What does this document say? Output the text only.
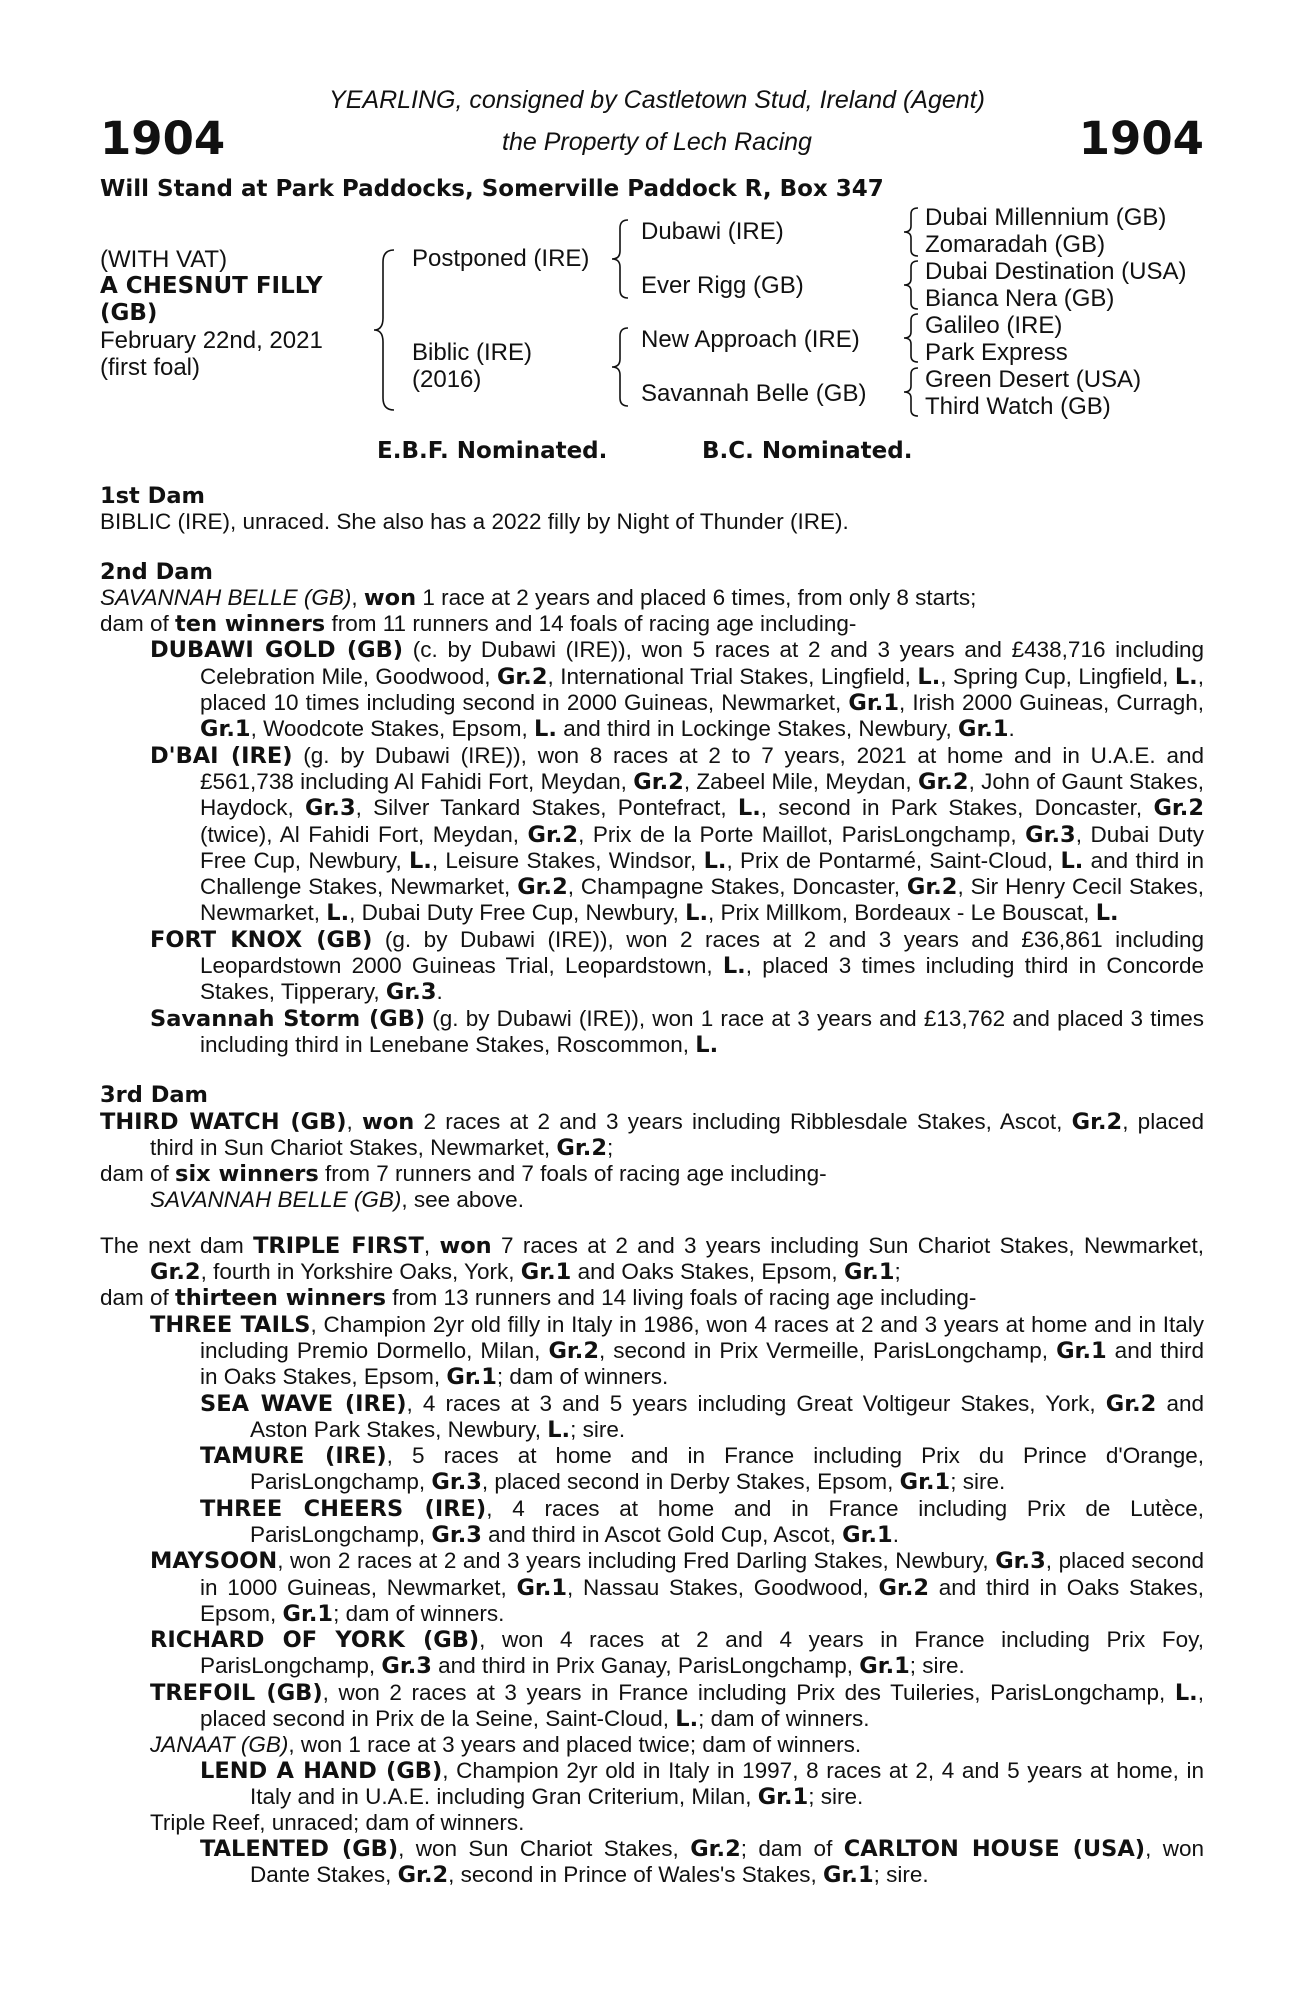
1904	1904
YEARLING, consigned by Castletown Stud, Ireland (Agent)
the Property of Lech Racing
Will Stand at Park Paddocks, Somerville Paddock R, Box 347
(WITH VAT)
A CHESNUT FILLY
(GB)
February 22nd, 2021
(first foal)
Postponed (IRE)
Biblic (IRE)
(2016)
Dubawi (IRE)
Ever Rigg (GB)
New Approach (IRE)
Savannah Belle (GB)
Dubai Millennium (GB)
Zomaradah (GB)
Dubai Destination (USA)
Bianca Nera (GB)
Galileo (IRE)
Park Express
Green Desert (USA)
Third Watch (GB)
E.B.F. Nominated.	B.C. Nominated.
1st Dam
BIBLIC (IRE), unraced. She also has a 2022 filly by Night of Thunder (IRE).
2nd Dam
SAVANNAH BELLE (GB), won 1 race at 2 years and placed 6 times, from only 8 starts;
dam of ten winners from 11 runners and 14 foals of racing age including-
DUBAWI GOLD (GB) (c. by Dubawi (IRE)), won 5 races at 2 and 3 years and £438,716 including Celebration Mile, Goodwood, Gr.2, International Trial Stakes, Lingfield, L., Spring Cup, Lingfield, L., placed 10 times including second in 2000 Guineas, Newmarket, Gr.1, Irish 2000 Guineas, Curragh, Gr.1, Woodcote Stakes, Epsom, L. and third in Lockinge Stakes, Newbury, Gr.1.
D'BAI (IRE) (g. by Dubawi (IRE)), won 8 races at 2 to 7 years, 2021 at home and in U.A.E. and £561,738 including Al Fahidi Fort, Meydan, Gr.2, Zabeel Mile, Meydan, Gr.2, John of Gaunt Stakes, Haydock, Gr.3, Silver Tankard Stakes, Pontefract, L., second in Park Stakes, Doncaster, Gr.2 (twice), Al Fahidi Fort, Meydan, Gr.2, Prix de la Porte Maillot, ParisLongchamp, Gr.3, Dubai Duty Free Cup, Newbury, L., Leisure Stakes, Windsor, L., Prix de Pontarmé, Saint-Cloud, L. and third in Challenge Stakes, Newmarket, Gr.2, Champagne Stakes, Doncaster, Gr.2, Sir Henry Cecil Stakes, Newmarket, L., Dubai Duty Free Cup, Newbury, L., Prix Millkom, Bordeaux - Le Bouscat, L.
FORT KNOX (GB) (g. by Dubawi (IRE)), won 2 races at 2 and 3 years and £36,861 including Leopardstown 2000 Guineas Trial, Leopardstown, L., placed 3 times including third in Concorde Stakes, Tipperary, Gr.3.
Savannah Storm (GB) (g. by Dubawi (IRE)), won 1 race at 3 years and £13,762 and placed 3 times including third in Lenebane Stakes, Roscommon, L.
3rd Dam
THIRD WATCH (GB), won 2 races at 2 and 3 years including Ribblesdale Stakes, Ascot, Gr.2, placed third in Sun Chariot Stakes, Newmarket, Gr.2;
dam of six winners from 7 runners and 7 foals of racing age including-
SAVANNAH BELLE (GB), see above.
The next dam TRIPLE FIRST, won 7 races at 2 and 3 years including Sun Chariot Stakes, Newmarket, Gr.2, fourth in Yorkshire Oaks, York, Gr.1 and Oaks Stakes, Epsom, Gr.1;
dam of thirteen winners from 13 runners and 14 living foals of racing age including-
THREE TAILS, Champion 2yr old filly in Italy in 1986, won 4 races at 2 and 3 years at home and in Italy including Premio Dormello, Milan, Gr.2, second in Prix Vermeille, ParisLongchamp, Gr.1 and third in Oaks Stakes, Epsom, Gr.1; dam of winners.
SEA WAVE (IRE), 4 races at 3 and 5 years including Great Voltigeur Stakes, York, Gr.2 and Aston Park Stakes, Newbury, L.; sire.
TAMURE (IRE), 5 races at home and in France including Prix du Prince d'Orange, ParisLongchamp, Gr.3, placed second in Derby Stakes, Epsom, Gr.1; sire.
THREE CHEERS (IRE), 4 races at home and in France including Prix de Lutèce, ParisLongchamp, Gr.3 and third in Ascot Gold Cup, Ascot, Gr.1.
MAYSOON, won 2 races at 2 and 3 years including Fred Darling Stakes, Newbury, Gr.3, placed second in 1000 Guineas, Newmarket, Gr.1, Nassau Stakes, Goodwood, Gr.2 and third in Oaks Stakes, Epsom, Gr.1; dam of winners.
RICHARD OF YORK (GB), won 4 races at 2 and 4 years in France including Prix Foy, ParisLongchamp, Gr.3 and third in Prix Ganay, ParisLongchamp, Gr.1; sire.
TREFOIL (GB), won 2 races at 3 years in France including Prix des Tuileries, ParisLongchamp, L., placed second in Prix de la Seine, Saint-Cloud, L.; dam of winners.
JANAAT (GB), won 1 race at 3 years and placed twice; dam of winners.
LEND A HAND (GB), Champion 2yr old in Italy in 1997, 8 races at 2, 4 and 5 years at home, in Italy and in U.A.E. including Gran Criterium, Milan, Gr.1; sire.
Triple Reef, unraced; dam of winners.
TALENTED (GB), won Sun Chariot Stakes, Gr.2; dam of CARLTON HOUSE (USA), won Dante Stakes, Gr.2, second in Prince of Wales's Stakes, Gr.1; sire.
